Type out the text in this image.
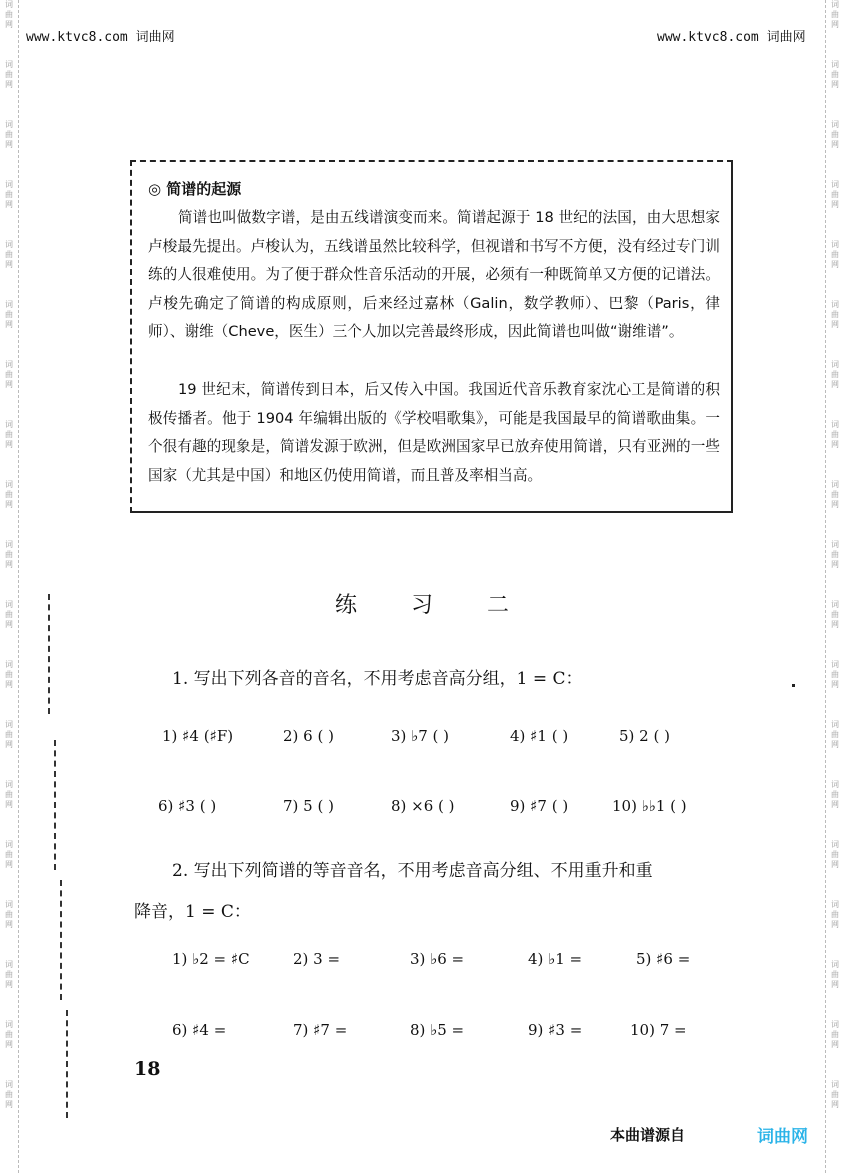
词
曲
网
词
曲
网
词
曲
网
词
曲
网
词
曲
网
词
曲
网
词
曲
网
词
曲
网
词
曲
网
词
曲
网
词
曲
网
词
曲
网
词
曲
网
词
曲
网
词
曲
网
词
曲
网
词
曲
网
词
曲
网
词
曲
网
词
曲
网
词
曲
网
词
曲
网
词
曲
网
词
曲
网
词
曲
网
词
曲
网
词
曲
网
词
曲
网
词
曲
网
词
曲
网
词
曲
网
词
曲
网
词
曲
网
词
曲
网
词
曲
网
词
曲
网
词
曲
网
词
曲
网
www.ktvc8.com 词曲网	www.ktvc8.com 词曲网
◎ 简谱的起源
简谱也叫做数字谱，是由五线谱演变而来。简谱起源于 18 世纪的法国，由大思想家卢梭最先提出。卢梭认为，五线谱虽然比较科学，但视谱和书写不方便，没有经过专门训练的人很难使用。为了便于群众性音乐活动的开展，必须有一种既简单又方便的记谱法。卢梭先确定了简谱的构成原则，后来经过嘉林（Galin，数学教师）、巴黎（Paris，律师）、谢维（Cheve，医生）三个人加以完善最终形成，因此简谱也叫做“谢维谱”。
19 世纪末，简谱传到日本，后又传入中国。我国近代音乐教育家沈心工是简谱的积极传播者。他于 1904 年编辑出版的《学校唱歌集》，可能是我国最早的简谱歌曲集。一个很有趣的现象是，简谱发源于欧洲，但是欧洲国家早已放弃使用简谱，只有亚洲的一些国家（尤其是中国）和地区仍使用简谱，而且普及率相当高。
练习二
1. 写出下列各音的音名，不用考虑音高分组，1 = C：
1) ♯4 (♯F)	2) 6 ( )	3) ♭7 ( )	4) ♯1 ( )	5) 2 ( )
6) ♯3 ( )	7) 5 ( )	8) ×6 ( )	9) ♯7 ( )	10) ♭♭1 ( )
2. 写出下列简谱的等音音名，不用考虑音高分组、不用重升和重
降音，1 = C：
1) ♭2 = ♯C	2) 3 =	3) ♭6 =	4) ♭1 =	5) ♯6 =
6) ♯4 =	7) ♯7 =	8) ♭5 =	9) ♯3 =	10) 7 =
18
本曲谱源自	词曲网
